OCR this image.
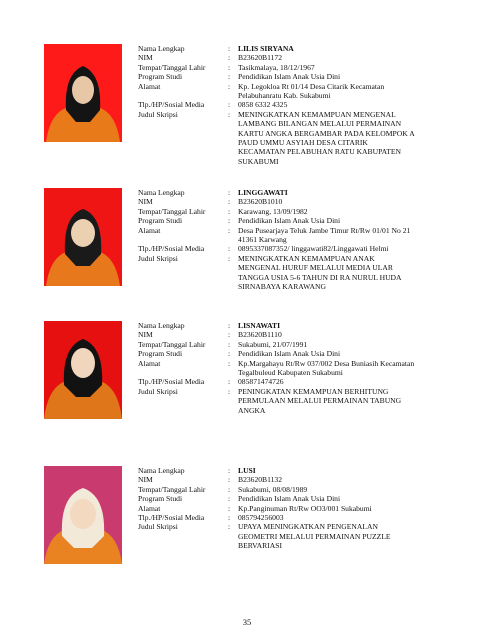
Nama Lengkap	:	LILIS SIRYANA
NIM	:	B23620B1172
Tempat/Tanggal Lahir	:	Tasikmalaya, 18/12/1967
Program Studi	:	Pendidikan Islam Anak Usia Dini
Alamat	:	Kp. Legokloa Rt 01/14 Desa Citarik Kecamatan
Pelabuhanratu Kab. Sukabumi
Tlp./HP/Sosial Media	:	0858 6332 4325
Judul Skripsi	:	MENINGKATKAN KEMAMPUAN MENGENAL
LAMBANG BILANGAN MELALUI PERMAINAN
KARTU ANGKA BERGAMBAR PADA KELOMPOK A
PAUD UMMU ASYIAH DESA CITARIK
KECAMATAN PELABUHAN RATU KABUPATEN
SUKABUMI
Nama Lengkap	:	LINGGAWATI
NIM	:	B23620B1010
Tempat/Tanggal Lahir	:	Karawang, 13/09/1982
Program Studi	:	Pendidikan Islam Anak Usia Dini
Alamat	:	Desa Pusearjaya Teluk Jambe Timur Rt/Rw 01/01 No 21
41361 Karwang
Tlp./HP/Sosial Media	:	0895337087352/ linggawati82/Linggawati Helmi
Judul Skripsi	:	MENINGKATKAN KEMAMPUAN ANAK
MENGENAL HURUF MELALUI MEDIA ULAR
TANGGA USIA 5-6 TAHUN DI RA NURUL HUDA
SIRNABAYA KARAWANG
Nama Lengkap	:	LISNAWATI
NIM	:	B23620B1110
Tempat/Tanggal Lahir	:	Sukabumi, 21/07/1991
Program Studi	:	Pendidikan Islam Anak Usia Dini
Alamat	:	Kp.Margahayu Rt/Rw 037/002 Desa Buniasih Kecamatan
Tegalbuleud Kabupaten Sukabumi
Tlp./HP/Sosial Media	:	085871474726
Judul Skripsi	:	PENINGKATAN KEMAMPUAN BERHITUNG
PERMULAAN MELALUI PERMAINAN TABUNG
ANGKA
Nama Lengkap	:	LUSI
NIM	:	B23620B1132
Tempat/Tanggal Lahir	:	Sukabumi, 08/08/1989
Program Studi	:	Pendidikan Islam Anak Usia Dini
Alamat	:	Kp.Panginuman Rt/Rw OO3/001 Sukabumi
Tlp./HP/Sosial Media	:	085794256003
Judul Skripsi	:	UPAYA MENINGKATKAN PENGENALAN
GEOMETRI MELALUI PERMAINAN PUZZLE
BERVARIASI
35
